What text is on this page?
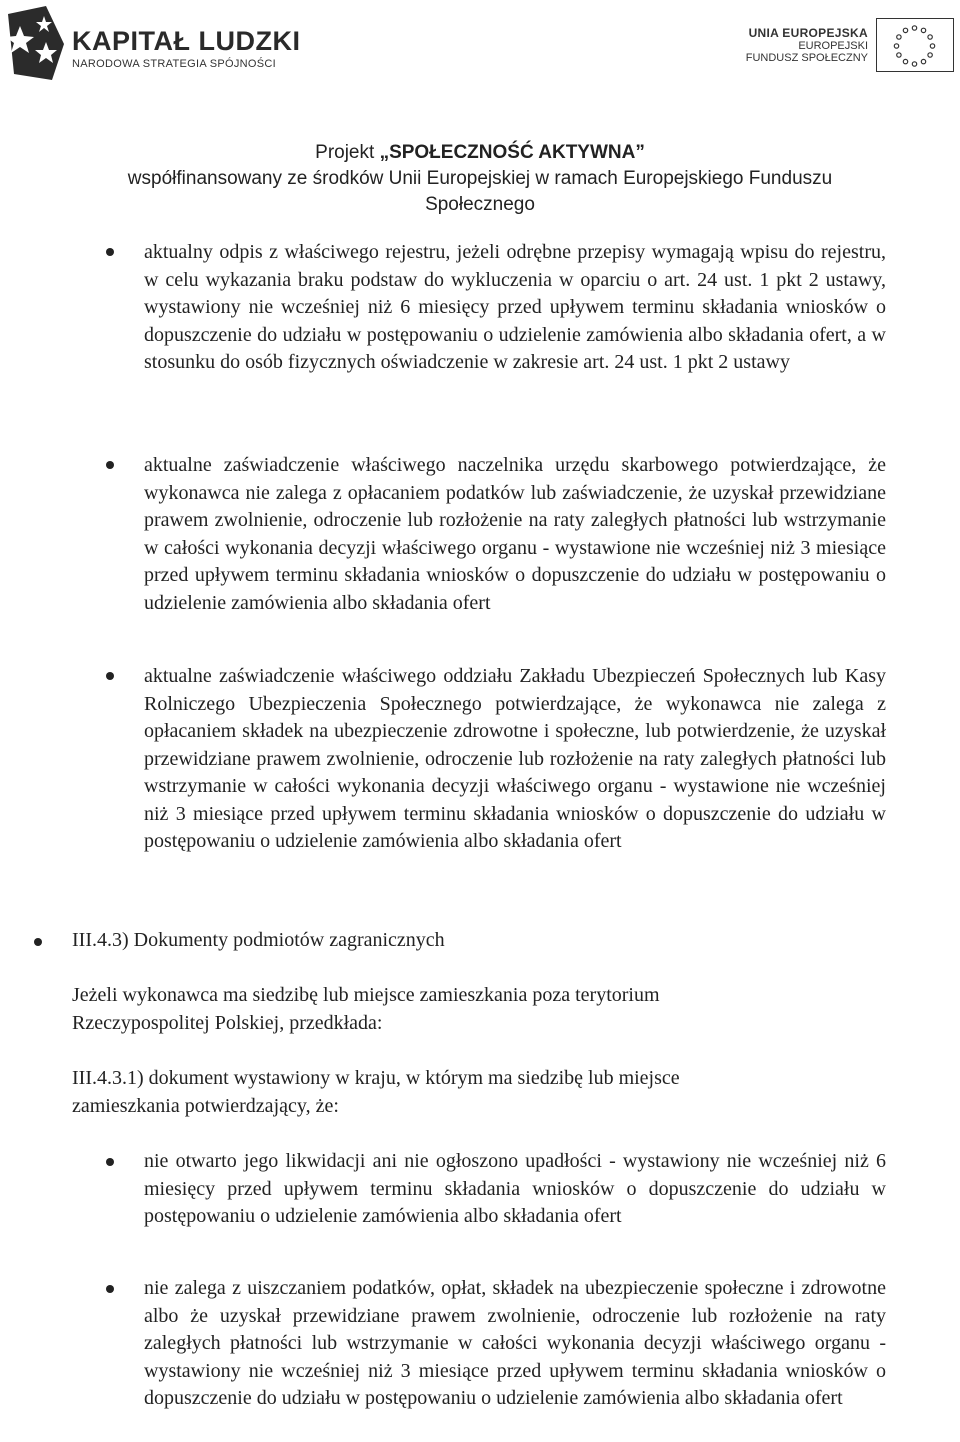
KAPITAŁ LUDZKI
NARODOWA STRATEGIA SPÓJNOŚCI
UNIA EUROPEJSKA
EUROPEJSKI
FUNDUSZ SPOŁECZNY
Projekt „SPOŁECZNOŚĆ AKTYWNA”
współfinansowany ze środków Unii Europejskiej w ramach Europejskiego Funduszu
Społecznego
aktualny odpis z właściwego rejestru, jeżeli odrębne przepisy wymagają wpisu do rejestru, w celu wykazania braku podstaw do wykluczenia w oparciu o art. 24 ust. 1 pkt 2 ustawy, wystawiony nie wcześniej niż 6 miesięcy przed upływem terminu składania wniosków o dopuszczenie do udziału w postępowaniu o udzielenie zamówienia albo składania ofert, a w stosunku do osób fizycznych oświadczenie w zakresie art. 24 ust. 1 pkt 2 ustawy
aktualne zaświadczenie właściwego naczelnika urzędu skarbowego potwierdzające, że wykonawca nie zalega z opłacaniem podatków lub zaświadczenie, że uzyskał przewidziane prawem zwolnienie, odroczenie lub rozłożenie na raty zaległych płatności lub wstrzymanie w całości wykonania decyzji właściwego organu - wystawione nie wcześniej niż 3 miesiące przed upływem terminu składania wniosków o dopuszczenie do udziału w postępowaniu o udzielenie zamówienia albo składania ofert
aktualne zaświadczenie właściwego oddziału Zakładu Ubezpieczeń Społecznych lub Kasy Rolniczego Ubezpieczenia Społecznego potwierdzające, że wykonawca nie zalega z opłacaniem składek na ubezpieczenie zdrowotne i społeczne, lub potwierdzenie, że uzyskał przewidziane prawem zwolnienie, odroczenie lub rozłożenie na raty zaległych płatności lub wstrzymanie w całości wykonania decyzji właściwego organu - wystawione nie wcześniej niż 3 miesiące przed upływem terminu składania wniosków o dopuszczenie do udziału w postępowaniu o udzielenie zamówienia albo składania ofert
III.4.3) Dokumenty podmiotów zagranicznych
Jeżeli wykonawca ma siedzibę lub miejsce zamieszkania poza terytorium
Rzeczypospolitej Polskiej, przedkłada:
III.4.3.1) dokument wystawiony w kraju, w którym ma siedzibę lub miejsce
zamieszkania potwierdzający, że:
nie otwarto jego likwidacji ani nie ogłoszono upadłości - wystawiony nie wcześniej niż 6 miesięcy przed upływem terminu składania wniosków o dopuszczenie do udziału w postępowaniu o udzielenie zamówienia albo składania ofert
nie zalega z uiszczaniem podatków, opłat, składek na ubezpieczenie społeczne i zdrowotne albo że uzyskał przewidziane prawem zwolnienie, odroczenie lub rozłożenie na raty zaległych płatności lub wstrzymanie w całości wykonania decyzji właściwego organu - wystawiony nie wcześniej niż 3 miesiące przed upływem terminu składania wniosków o dopuszczenie do udziału w postępowaniu o udzielenie zamówienia albo składania ofert
